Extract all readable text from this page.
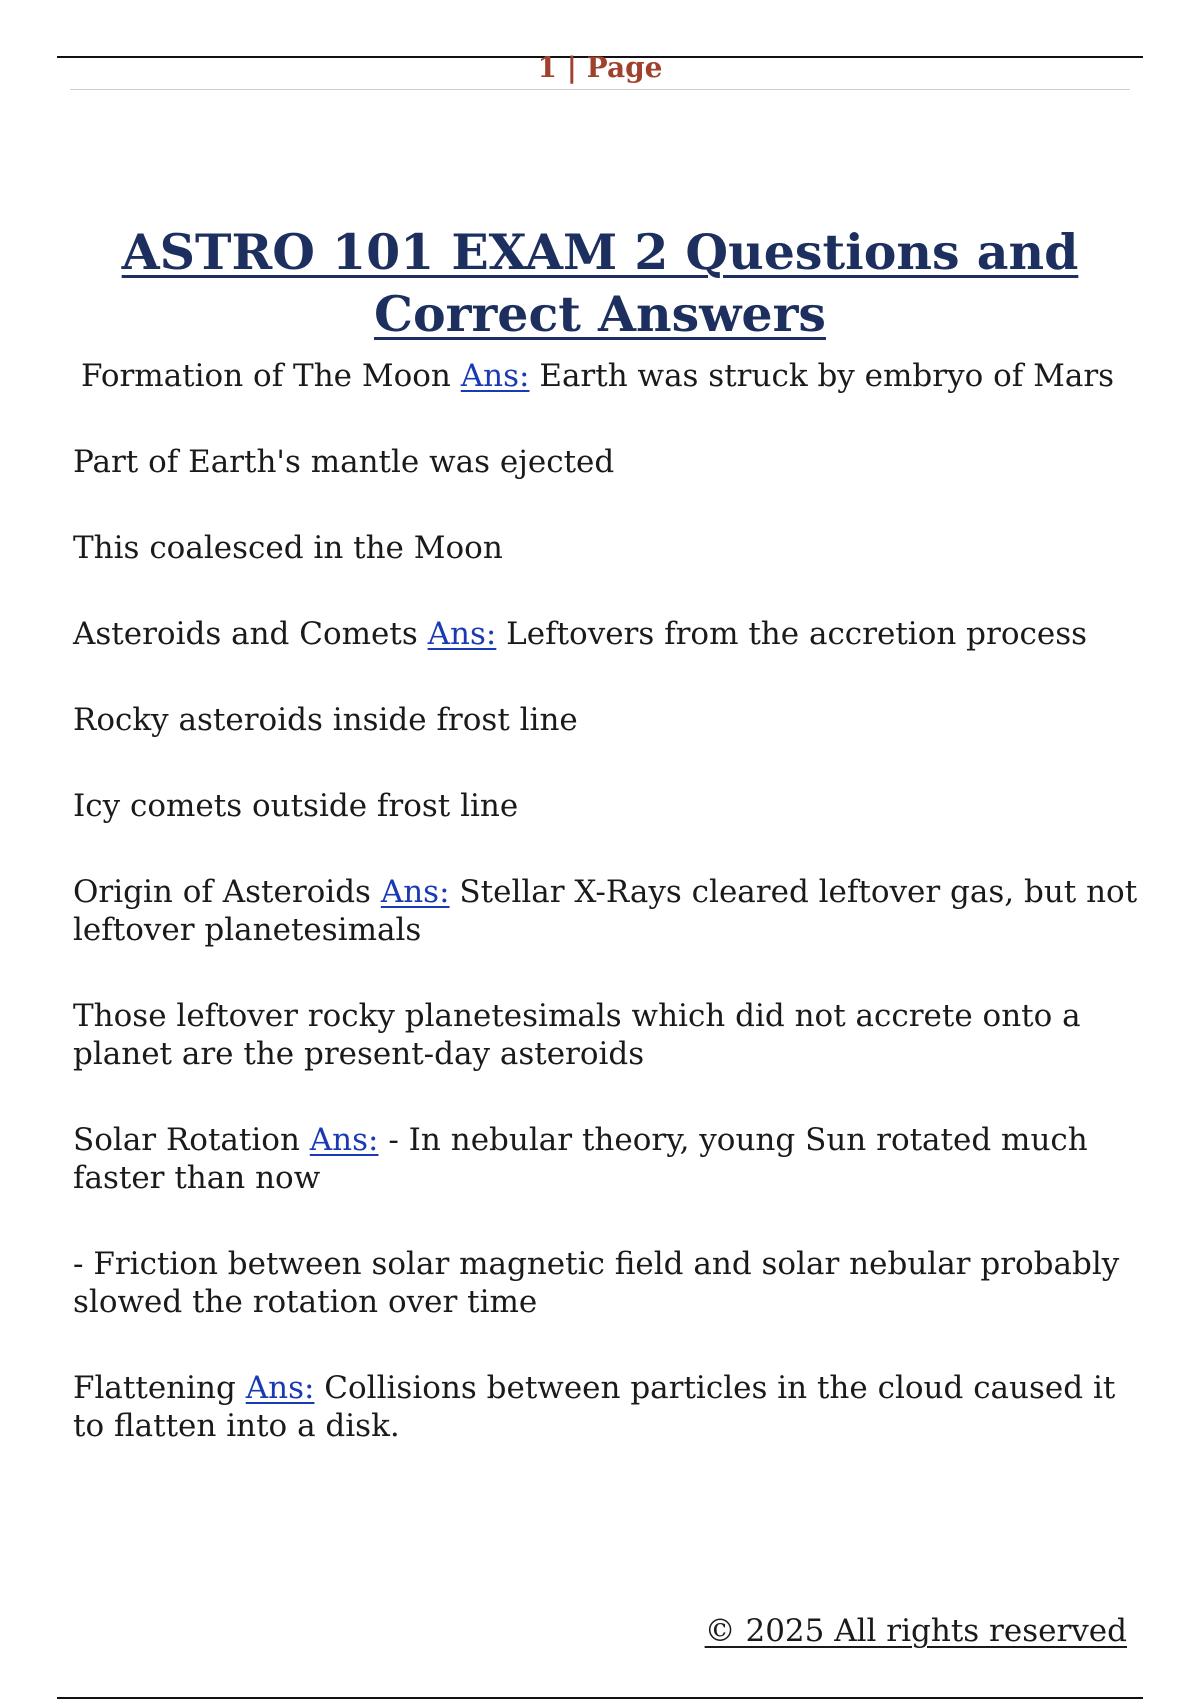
1 | Page
ASTRO 101 EXAM 2 Questions and Correct Answers

Formation of The Moon Ans: Earth was struck by embryo of Mars

Part of Earth's mantle was ejected

This coalesced in the Moon

Asteroids and Comets Ans: Leftovers from the accretion process

Rocky asteroids inside frost line

Icy comets outside frost line

Origin of Asteroids Ans: Stellar X-Rays cleared leftover gas, but not leftover planetesimals

Those leftover rocky planetesimals which did not accrete onto a planet are the present-day asteroids

Solar Rotation Ans: - In nebular theory, young Sun rotated much faster than now

- Friction between solar magnetic field and solar nebular probably slowed the rotation over time

Flattening Ans: Collisions between particles in the cloud caused it to flatten into a disk.

© 2025 All rights reserved
